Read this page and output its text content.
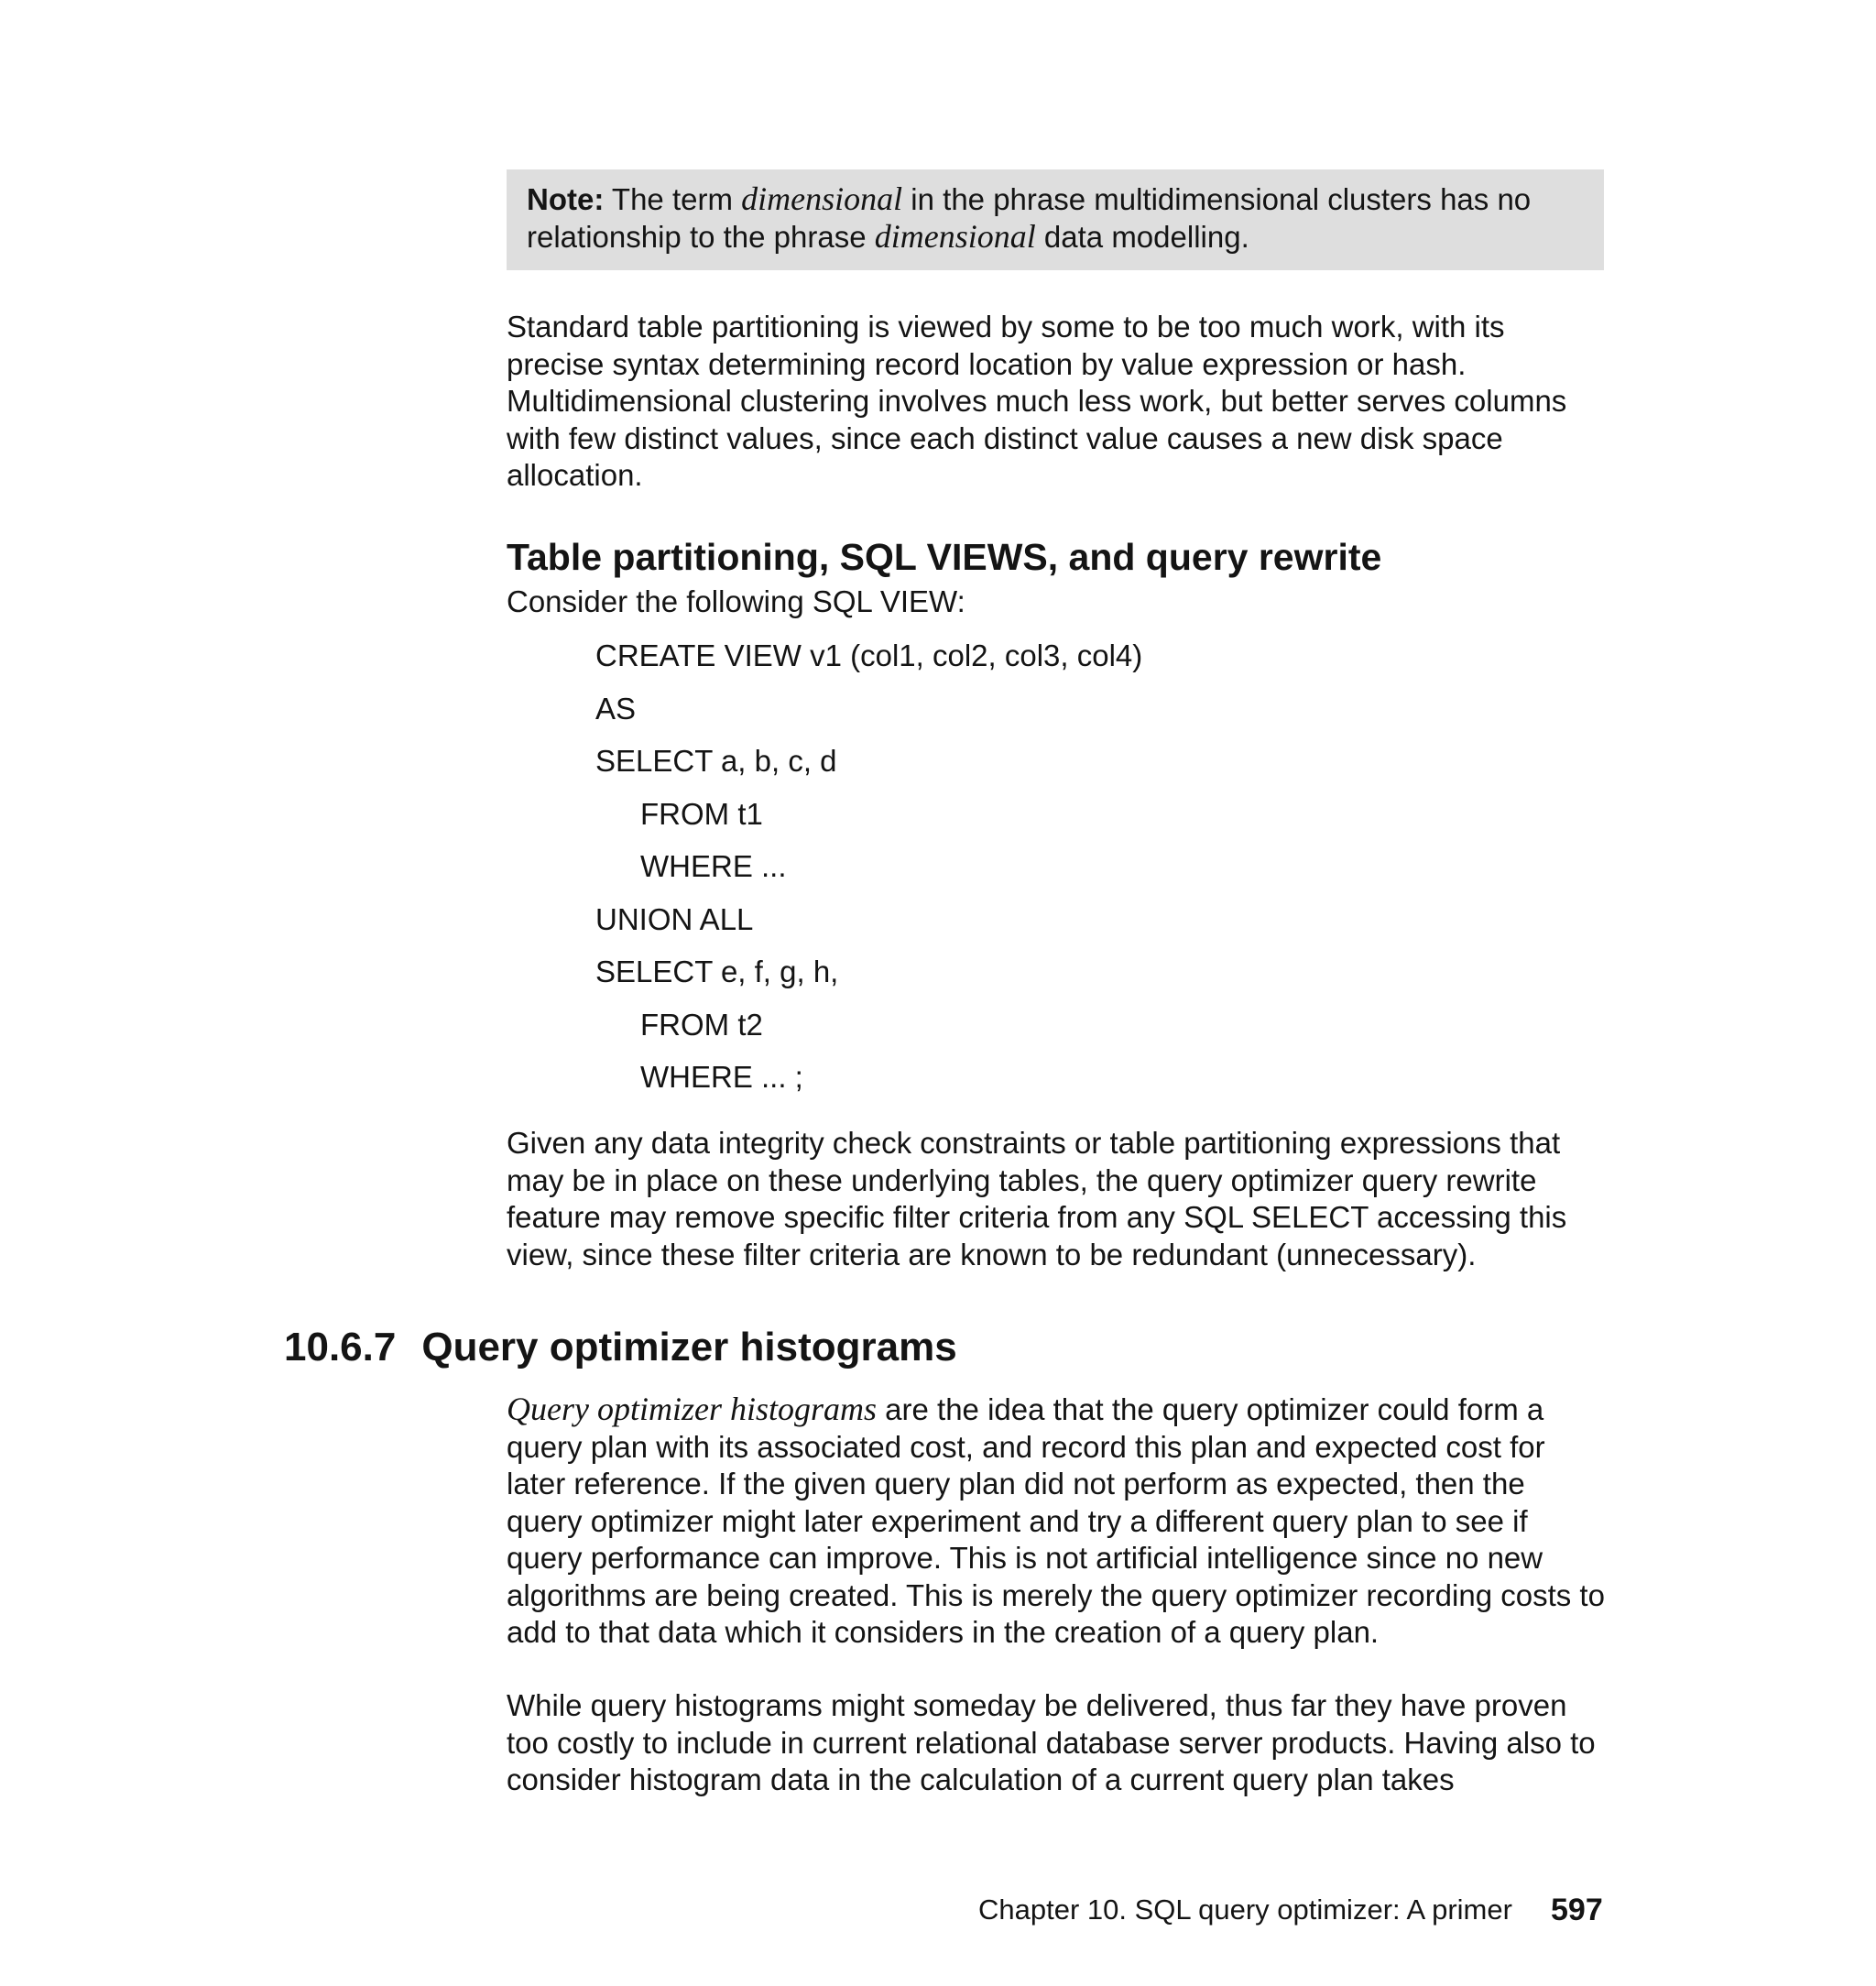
Note: The term dimensional in the phrase multidimensional clusters has no relationship to the phrase dimensional data modelling.

Standard table partitioning is viewed by some to be too much work, with its precise syntax determining record location by value expression or hash. Multidimensional clustering involves much less work, but better serves columns with few distinct values, since each distinct value causes a new disk space allocation.

Table partitioning, SQL VIEWS, and query rewrite

Consider the following SQL VIEW:

CREATE VIEW v1 (col1, col2, col3, col4)

AS

SELECT a, b, c, d

FROM t1

WHERE ...

UNION ALL

SELECT e, f, g, h,

FROM t2

WHERE ... ;

Given any data integrity check constraints or table partitioning expressions that may be in place on these underlying tables, the query optimizer query rewrite feature may remove specific filter criteria from any SQL SELECT accessing this view, since these filter criteria are known to be redundant (unnecessary).

10.6.7 Query optimizer histograms

Query optimizer histograms are the idea that the query optimizer could form a query plan with its associated cost, and record this plan and expected cost for later reference. If the given query plan did not perform as expected, then the query optimizer might later experiment and try a different query plan to see if query performance can improve. This is not artificial intelligence since no new algorithms are being created. This is merely the query optimizer recording costs to add to that data which it considers in the creation of a query plan.

While query histograms might someday be delivered, thus far they have proven too costly to include in current relational database server products. Having also to consider histogram data in the calculation of a current query plan takes

Chapter 10. SQL query optimizer: A primer 597
